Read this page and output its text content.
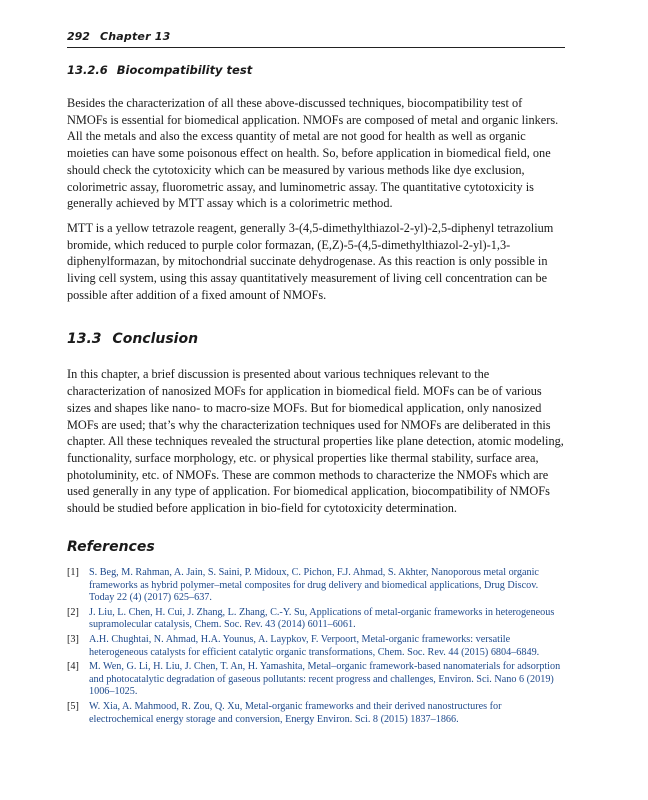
292 Chapter 13
13.2.6 Biocompatibility test

Besides the characterization of all these above-discussed techniques, biocompatibility test of NMOFs is essential for biomedical application. NMOFs are composed of metal and organic linkers. All the metals and also the excess quantity of metal are not good for health as well as organic moieties can have some poisonous effect on health. So, before application in biomedical field, one should check the cytotoxicity which can be measured by various methods like dye exclusion, colorimetric assay, fluorometric assay, and luminometric assay. The quantitative cytotoxicity is generally achieved by MTT assay which is a colorimetric method.

MTT is a yellow tetrazole reagent, generally 3-(4,5-dimethylthiazol-2-yl)-2,5-diphenyl tetrazolium bromide, which reduced to purple color formazan, (E,Z)-5-(4,5-dimethylthiazol-2-yl)-1,3-diphenylformazan, by mitochondrial succinate dehydrogenase. As this reaction is only possible in living cell system, using this assay quantitatively measurement of living cell concentration can be possible after addition of a fixed amount of NMOFs.

13.3 Conclusion

In this chapter, a brief discussion is presented about various techniques relevant to the characterization of nanosized MOFs for application in biomedical field. MOFs can be of various sizes and shapes like nano- to macro-size MOFs. But for biomedical application, only nanosized MOFs are used; that’s why the characterization techniques used for NMOFs are deliberated in this chapter. All these techniques revealed the structural properties like plane detection, atomic modeling, functionality, surface morphology, etc. or physical properties like thermal stability, surface area, photoluminity, etc. of NMOFs. These are common methods to characterize the NMOFs which are used generally in any type of application. For biomedical application, biocompatibility of NMOFs should be studied before application in bio-field for cytotoxicity determination.

References
[1] S. Beg, M. Rahman, A. Jain, S. Saini, P. Midoux, C. Pichon, F.J. Ahmad, S. Akhter, Nanoporous metal organic frameworks as hybrid polymer–metal composites for drug delivery and biomedical applications, Drug Discov. Today 22 (4) (2017) 625–637.
[2] J. Liu, L. Chen, H. Cui, J. Zhang, L. Zhang, C.-Y. Su, Applications of metal-organic frameworks in heterogeneous supramolecular catalysis, Chem. Soc. Rev. 43 (2014) 6011–6061.
[3] A.H. Chughtai, N. Ahmad, H.A. Younus, A. Laypkov, F. Verpoort, Metal-organic frameworks: versatile heterogeneous catalysts for efficient catalytic organic transformations, Chem. Soc. Rev. 44 (2015) 6804–6849.
[4] M. Wen, G. Li, H. Liu, J. Chen, T. An, H. Yamashita, Metal–organic framework-based nanomaterials for adsorption and photocatalytic degradation of gaseous pollutants: recent progress and challenges, Environ. Sci. Nano 6 (2019) 1006–1025.
[5] W. Xia, A. Mahmood, R. Zou, Q. Xu, Metal-organic frameworks and their derived nanostructures for electrochemical energy storage and conversion, Energy Environ. Sci. 8 (2015) 1837–1866.
